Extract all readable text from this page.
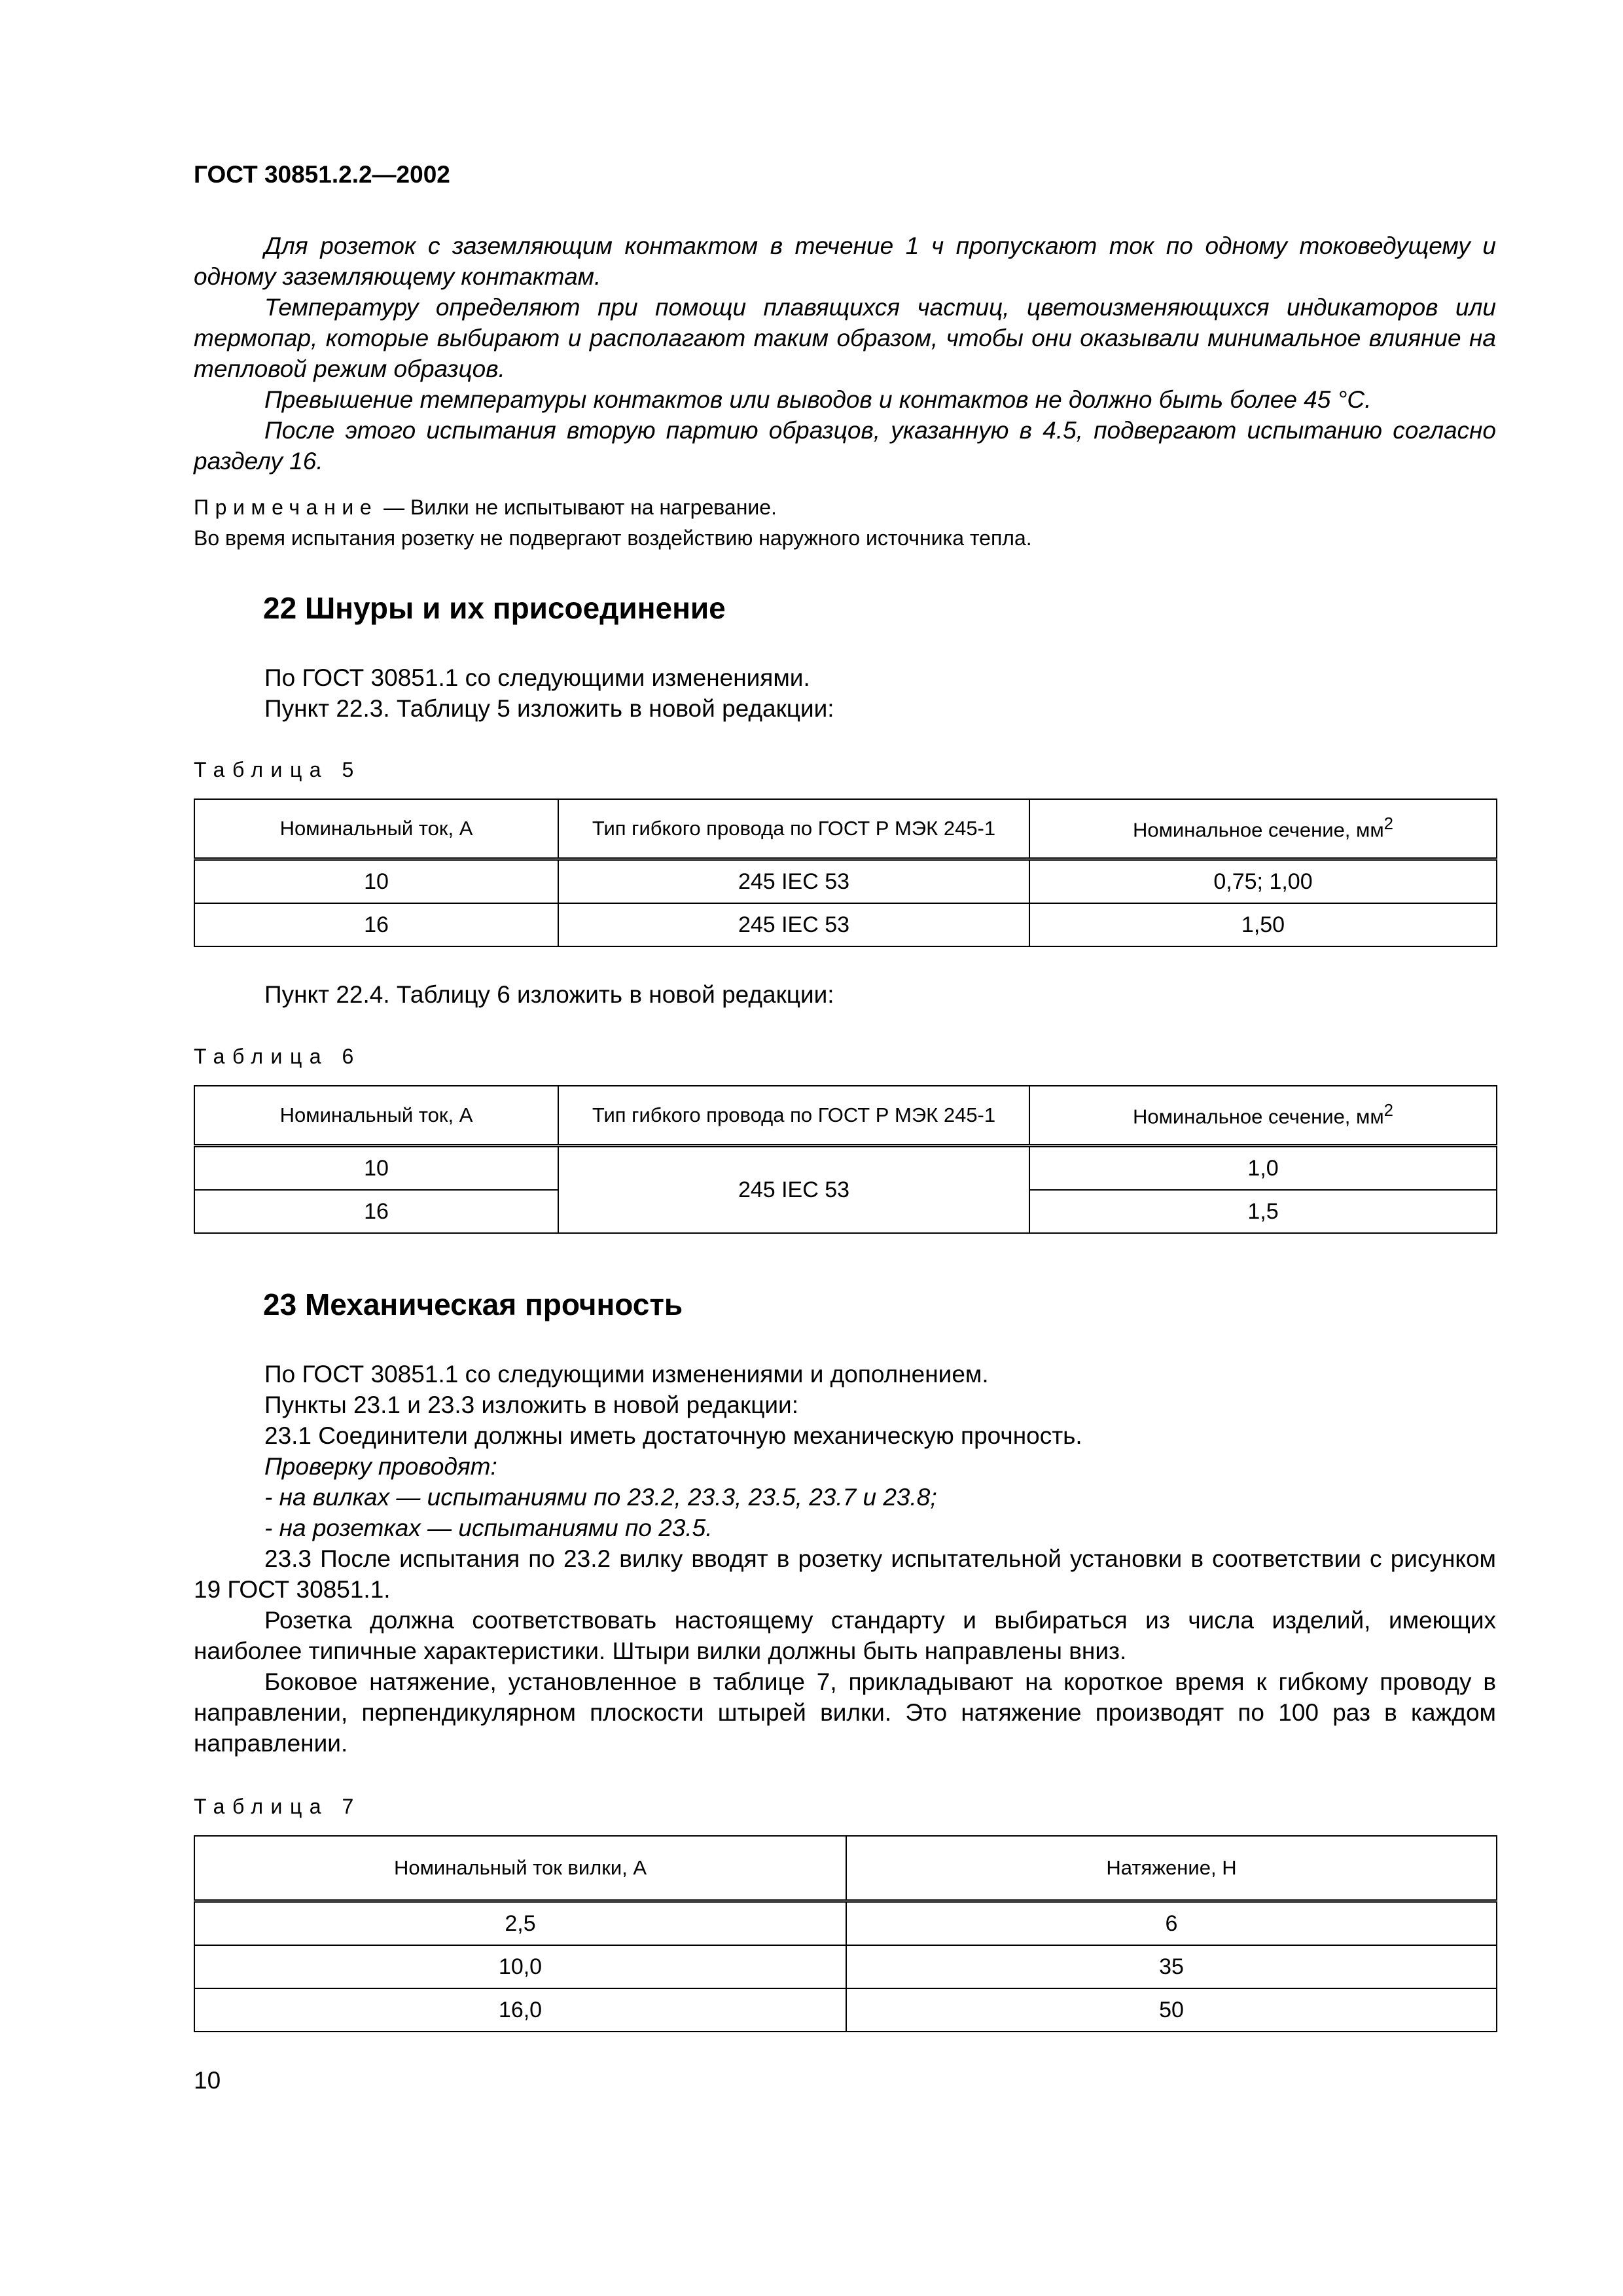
ГОСТ 30851.2.2—2002

Для розеток с заземляющим контактом в течение 1 ч пропускают ток по одному токоведущему и одному заземляющему контактам.

Температуру определяют при помощи плавящихся частиц, цветоизменяющихся индикаторов или термопар, которые выбирают и располагают таким образом, чтобы они оказывали минимальное влияние на тепловой режим образцов.

Превышение температуры контактов или выводов и контактов не должно быть более 45 °С.

После этого испытания вторую партию образцов, указанную в 4.5, подвергают испытанию согласно разделу 16.

Примечание — Вилки не испытывают на нагревание.
Во время испытания розетку не подвергают воздействию наружного источника тепла.
22 Шнуры и их присоединение

По ГОСТ 30851.1 со следующими изменениями.

Пункт 22.3. Таблицу 5 изложить в новой редакции:

Таблица 5
Номинальный ток, А	Тип гибкого провода по ГОСТ Р МЭК 245-1	Номинальное сечение, $мм^2$
10	245 IEC 53	0,75; 1,00
16	245 IEC 53	1,50

Пункт 22.4. Таблицу 6 изложить в новой редакции:

Таблица 6
Номинальный ток, А	Тип гибкого провода по ГОСТ Р МЭК 245-1	Номинальное сечение, $мм^2$
10	245 IEC 53	1,0
16		1,5
23 Механическая прочность

По ГОСТ 30851.1 со следующими изменениями и дополнением.

Пункты 23.1 и 23.3 изложить в новой редакции:

23.1 Соединители должны иметь достаточную механическую прочность.

Проверку проводят:

- на вилках — испытаниями по 23.2, 23.3, 23.5, 23.7 и 23.8;

- на розетках — испытаниями по 23.5.

23.3 После испытания по 23.2 вилку вводят в розетку испытательной установки в соответствии с рисунком 19 ГОСТ 30851.1.

Розетка должна соответствовать настоящему стандарту и выбираться из числа изделий, имеющих наиболее типичные характеристики. Штыри вилки должны быть направлены вниз.

Боковое натяжение, установленное в таблице 7, прикладывают на короткое время к гибкому проводу в направлении, перпендикулярном плоскости штырей вилки. Это натяжение производят по 100 раз в каждом направлении.

Таблица 7
Номинальный ток вилки, А	Натяжение, Н
2,5	6
10,0	35
16,0	50
10
